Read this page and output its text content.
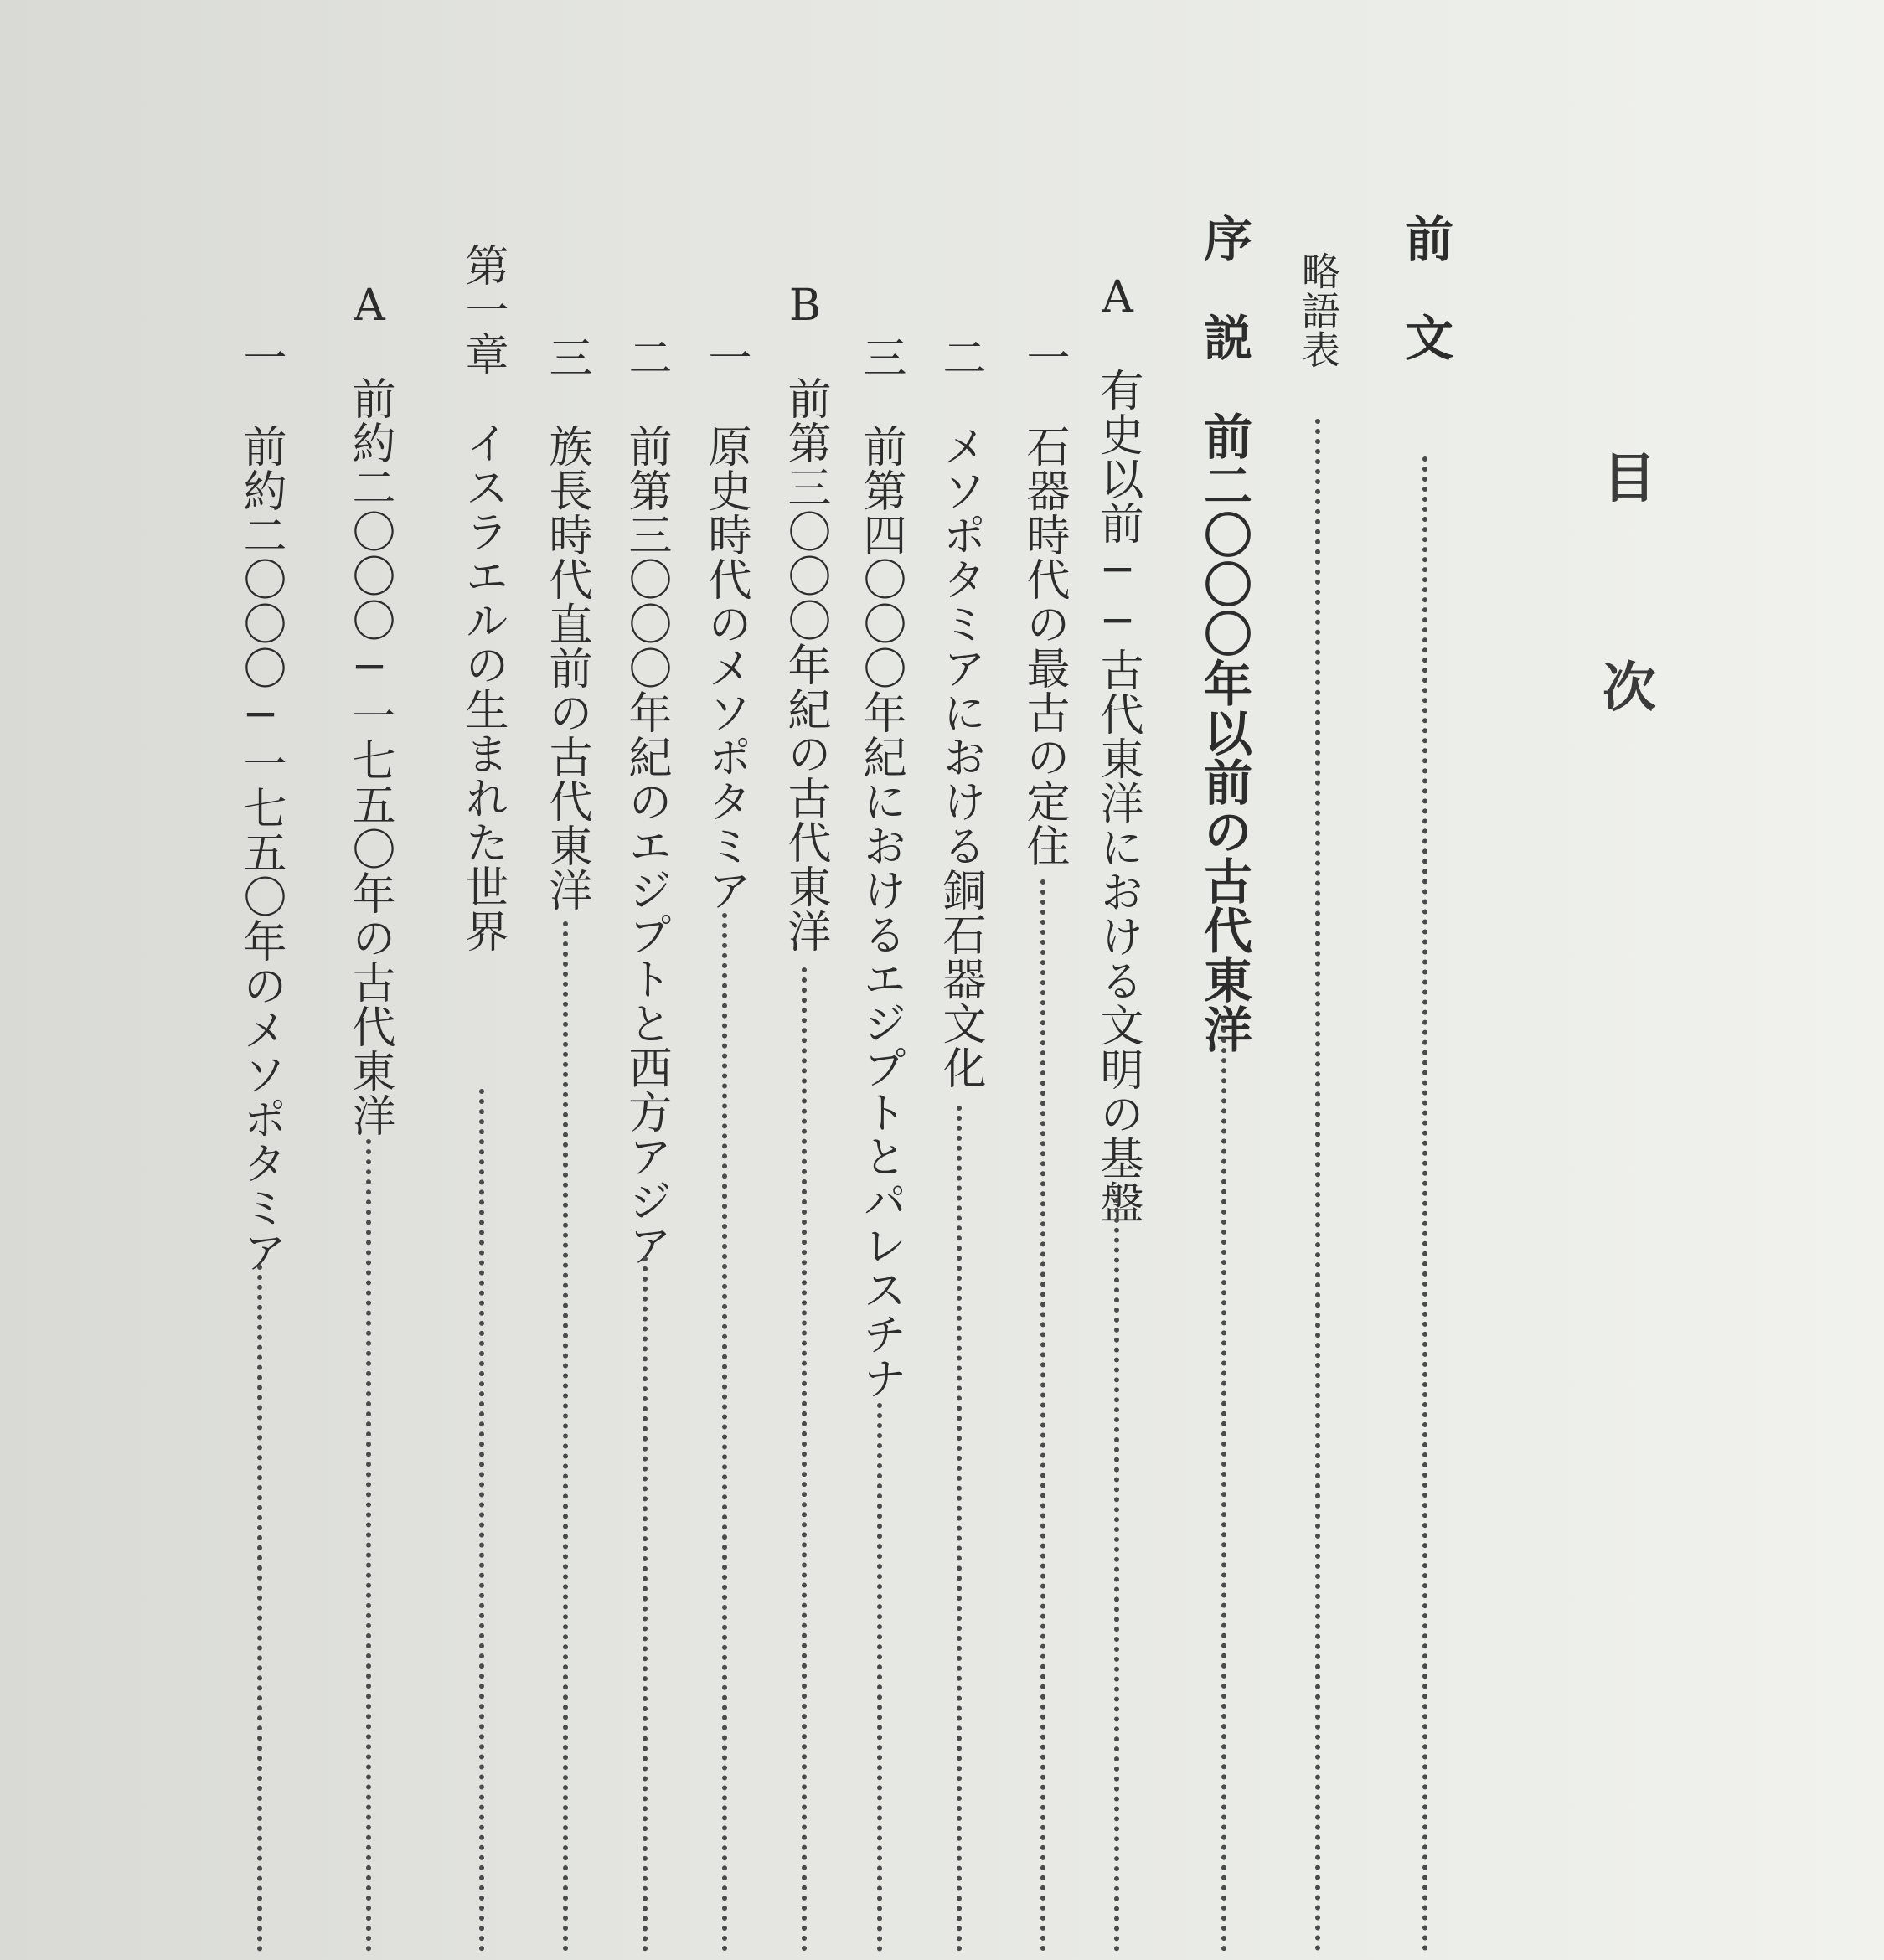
目
次
前　文
略語表
序　説　前二〇〇〇年以前の古代東洋
A　有史以前──古代東洋における文明の基盤
一　石器時代の最古の定住
二　メソポタミアにおける銅石器文化
三　前第四〇〇〇年紀におけるエジプトとパレスチナ
B　前第三〇〇〇年紀の古代東洋
一　原史時代のメソポタミア
二　前第三〇〇〇年紀のエジプトと西方アジア
三　族長時代直前の古代東洋
第一章　イスラエルの生まれた世界
A　前約二〇〇〇─一七五〇年の古代東洋
一　前約二〇〇〇─一七五〇年のメソポタミア
